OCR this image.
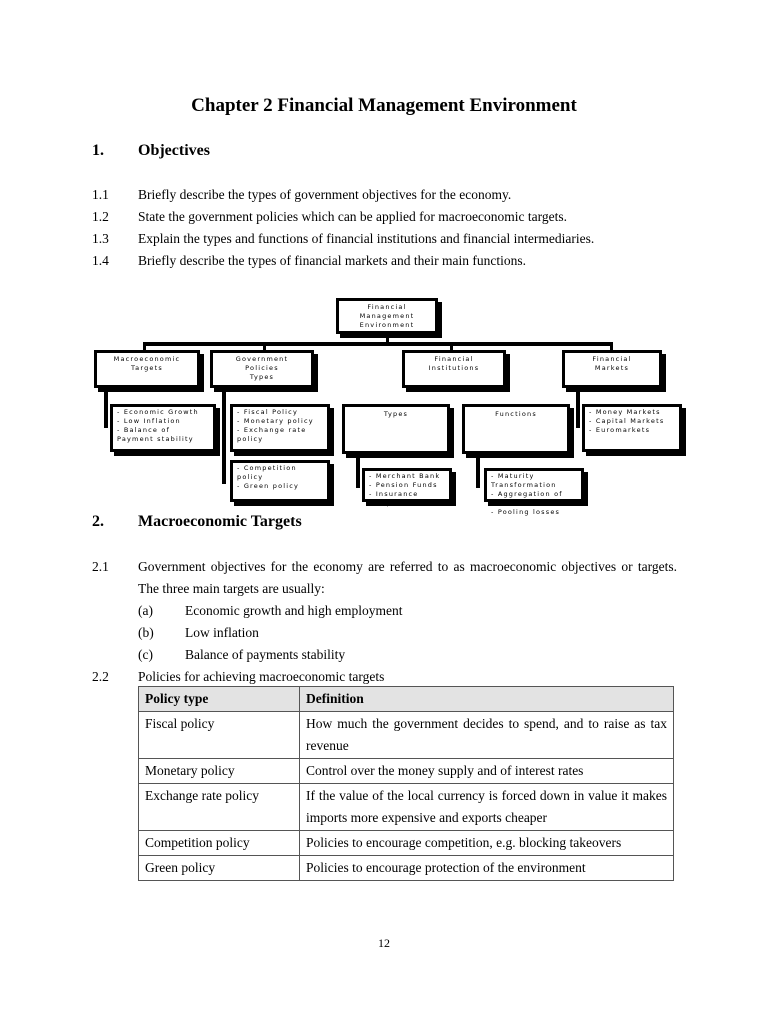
Chapter 2 Financial Management Environment
1. Objectives
1.1 Briefly describe the types of government objectives for the economy.
1.2 State the government policies which can be applied for macroeconomic targets.
1.3 Explain the types and functions of financial institutions and financial intermediaries.
1.4 Briefly describe the types of financial markets and their main functions.
Financial
Management
Environment
Macroeconomic
Targets
Government
Policies
Types
Financial
Institutions
Financial
Markets
- Economic Growth
- Low Inflation
- Balance of Payment stability
- Fiscal Policy
- Monetary policy
- Exchange rate policy
Types	Functions	- Money Markets
- Capital Markets
- Euromarkets
- Competition policy
- Green policy
- Merchant Bank
- Pension Funds
- Insurance companies
- Maturity Transformation
- Aggregation of Funds
- Pooling losses
2. Macroeconomic Targets
2.1 Government objectives for the economy are referred to as macroeconomic objectives or targets. The three main targets are usually:
(a) Economic growth and high employment
(b) Low inflation
(c) Balance of payments stability
2.2 Policies for achieving macroeconomic targets
Policy type	Definition
Fiscal policy	How much the government decides to spend, and to raise as tax revenue
Monetary policy	Control over the money supply and of interest rates
Exchange rate policy	If the value of the local currency is forced down in value it makes imports more expensive and exports cheaper
Competition policy	Policies to encourage competition, e.g. blocking takeovers
Green policy	Policies to encourage protection of the environment
12
